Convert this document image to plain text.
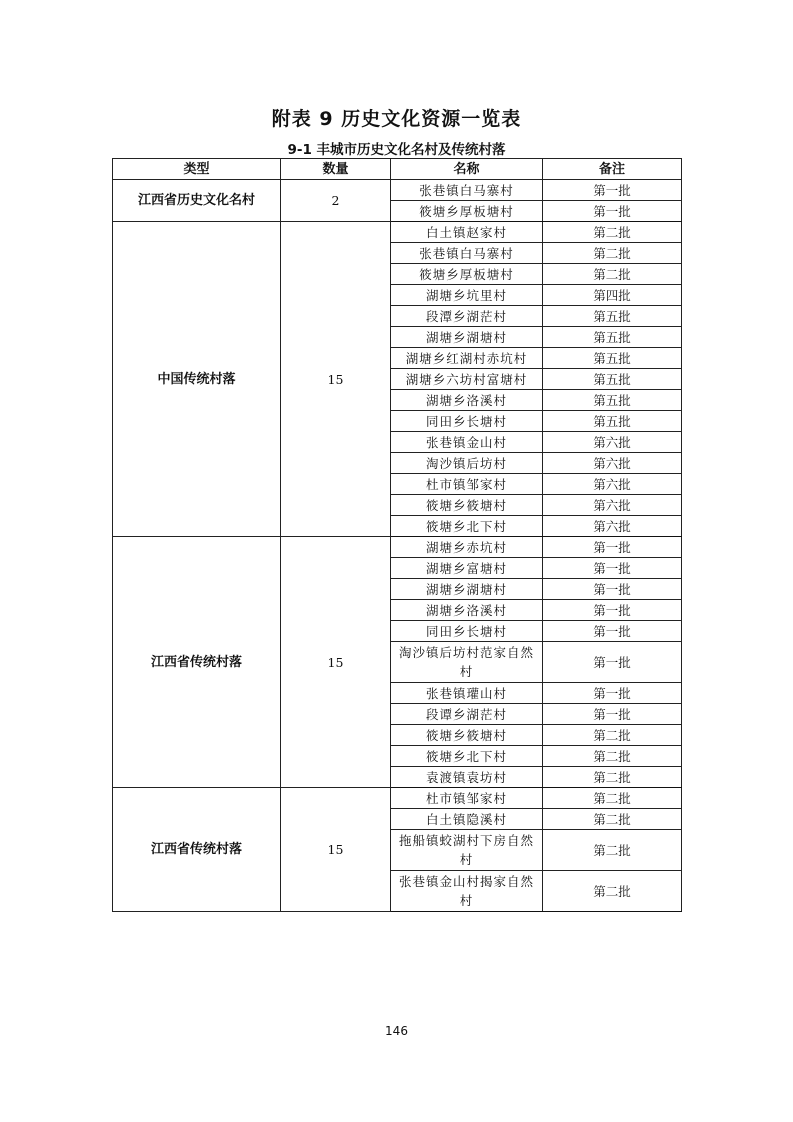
附表 9 历史文化资源一览表
9-1 丰城市历史文化名村及传统村落
类型	数量	名称	备注
江西省历史文化名村	2	张巷镇白马寨村	第一批
		筱塘乡厚板塘村	第一批
中国传统村落	15	白土镇赵家村	第二批
		张巷镇白马寨村	第二批
		筱塘乡厚板塘村	第二批
		湖塘乡坑里村	第四批
		段潭乡湖茫村	第五批
		湖塘乡湖塘村	第五批
		湖塘乡红湖村赤坑村	第五批
		湖塘乡六坊村富塘村	第五批
		湖塘乡洛溪村	第五批
		同田乡长塘村	第五批
		张巷镇金山村	第六批
		淘沙镇后坊村	第六批
		杜市镇邹家村	第六批
		筱塘乡筱塘村	第六批
		筱塘乡北下村	第六批
江西省传统村落	15	湖塘乡赤坑村	第一批
		湖塘乡富塘村	第一批
		湖塘乡湖塘村	第一批
		湖塘乡洛溪村	第一批
		同田乡长塘村	第一批
		淘沙镇后坊村范家自然村	第一批
		张巷镇瓘山村	第一批
		段谭乡湖茫村	第一批
		筱塘乡筱塘村	第二批
		筱塘乡北下村	第二批
		袁渡镇袁坊村	第二批
江西省传统村落	15	杜市镇邹家村	第二批
		白土镇隐溪村	第二批
		拖船镇蛟湖村下房自然村	第二批
		张巷镇金山村揭家自然村	第二批
146
